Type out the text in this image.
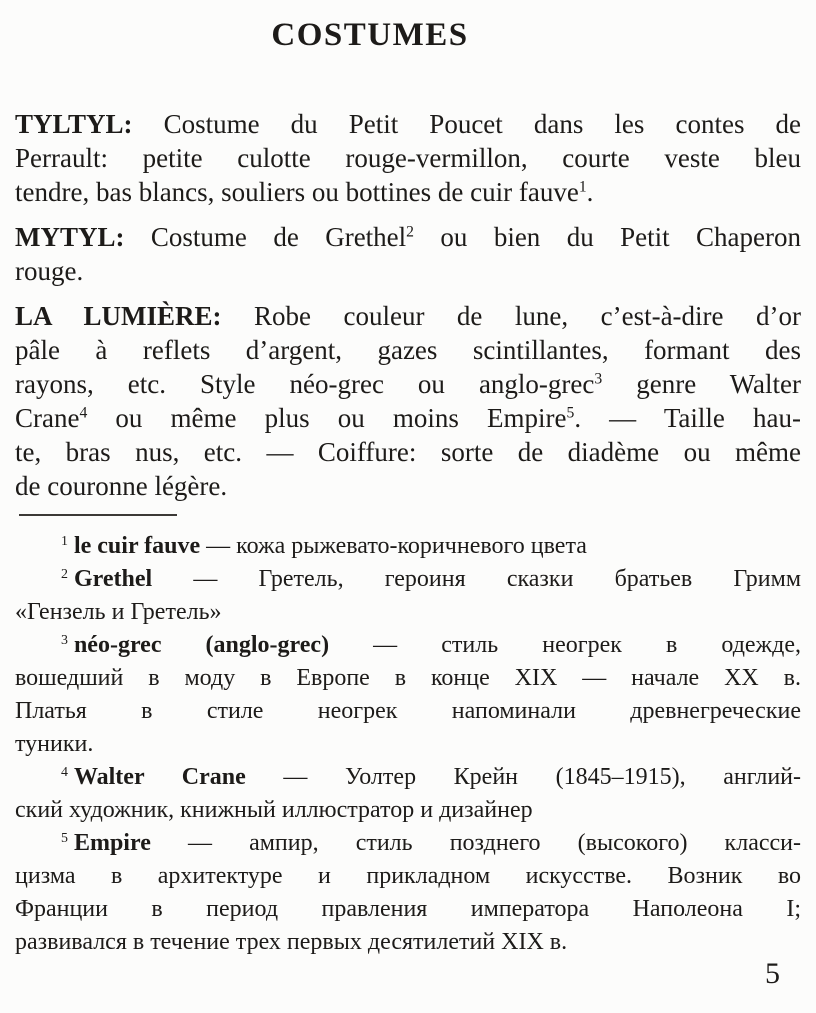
COSTUMES
TYLTYL: Costume du Petit Poucet dans les contes de
Perrault: petite culotte rouge-vermillon, courte veste bleu
tendre, bas blancs, souliers ou bottines de cuir fauve$^1$.
MYTYL: Costume de Grethel$^2$ ou bien du Petit Chaperon
rouge.
LA LUMIÈRE: Robe couleur de lune, c’est-à-dire d’or
pâle à reflets d’argent, gazes scintillantes, formant des
rayons, etc. Style néo-grec ou anglo-grec$^3$ genre Walter
Crane$^4$ ou même plus ou moins Empire$^5$. — Taille hau-
te, bras nus, etc. — Coiffure: sorte de diadème ou même
de couronne légère.
$^1$ le cuir fauve — кожа рыжевато-коричневого цвета
$^2$ Grethel — Гретель, героиня сказки братьев Гримм
«Гензель и Гретель»
$^3$ néo-grec (anglo-grec) — стиль неогрек в одежде,
вошедший в моду в Европе в конце XIX — начале XX в.
Платья в стиле неогрек напоминали древнегреческие
туники.
$^4$ Walter Crane — Уолтер Крейн (1845–1915), англий-
ский художник, книжный иллюстратор и дизайнер
$^5$ Empire — ампир, стиль позднего (высокого) класси-
цизма в архитектуре и прикладном искусстве. Возник во
Франции в период правления императора Наполеона I;
развивался в течение трех первых десятилетий XIX в.
5
